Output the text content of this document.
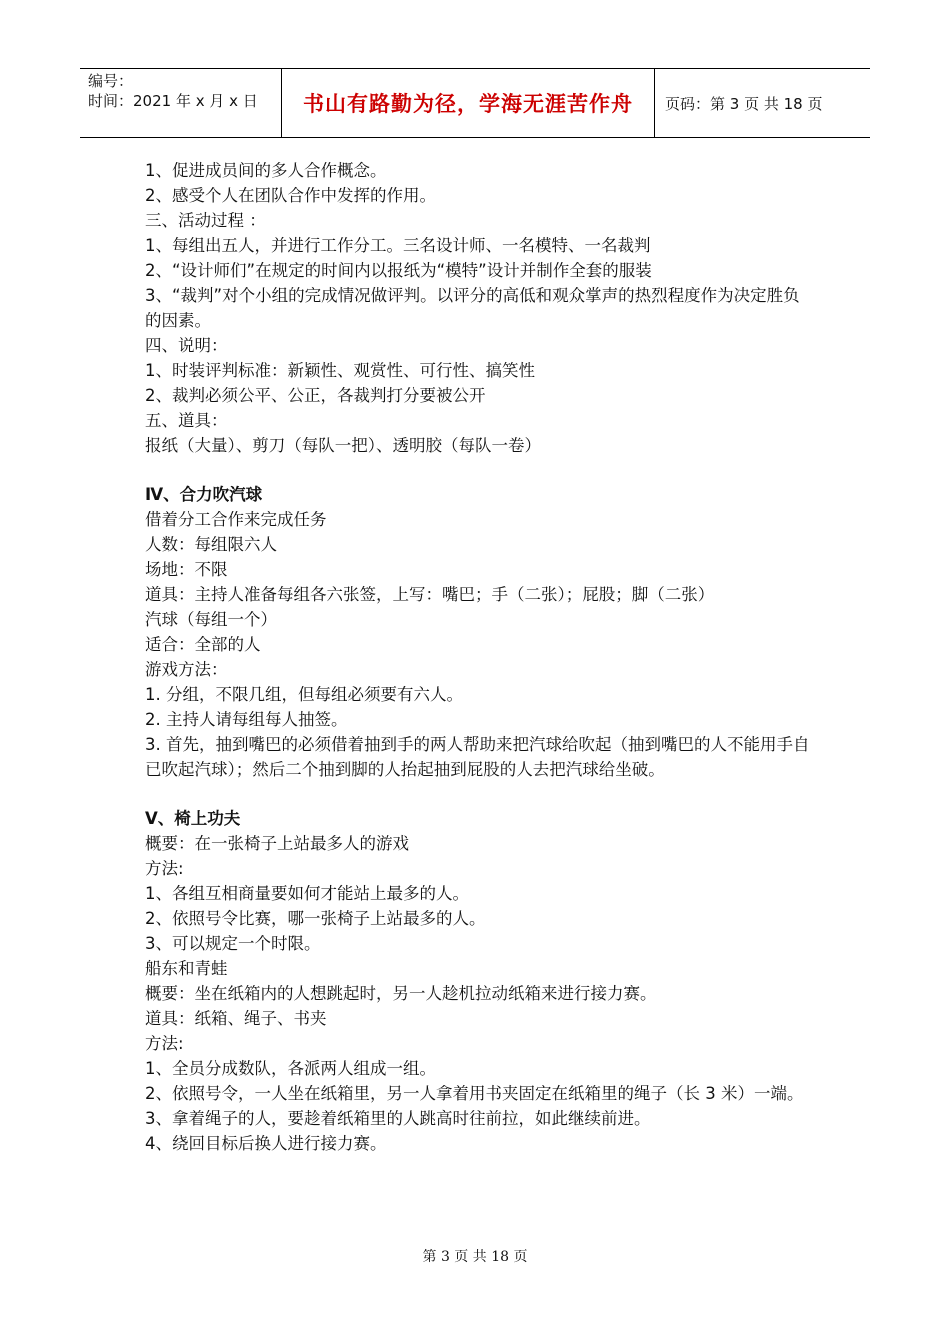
编号：
时间：2021 年 x 月 x 日	书山有路勤为径，学海无涯苦作舟	页码：第 3 页 共 18 页

1、促进成员间的多人合作概念。

2、感受个人在团队合作中发挥的作用。

三、活动过程 ：

1、每组出五人，并进行工作分工。三名设计师、一名模特、一名裁判

2、“设计师们”在规定的时间内以报纸为“模特”设计并制作全套的服装

3、“裁判”对个小组的完成情况做评判。以评分的高低和观众掌声的热烈程度作为决定胜负的因素。

四、说明：

1、时装评判标准：新颖性、观赏性、可行性、搞笑性

2、裁判必须公平、公正，各裁判打分要被公开

五、道具：

报纸（大量）、剪刀（每队一把）、透明胶（每队一卷）

Ⅳ、合力吹汽球

借着分工合作来完成任务

人数：每组限六人

场地：不限

道具：主持人准备每组各六张签，上写：嘴巴；手（二张）；屁股；脚（二张）

汽球（每组一个）

适合：全部的人

游戏方法：

1. 分组，不限几组，但每组必须要有六人。

2. 主持人请每组每人抽签。

3. 首先，抽到嘴巴的必须借着抽到手的两人帮助来把汽球给吹起（抽到嘴巴的人不能用手自已吹起汽球）；然后二个抽到脚的人抬起抽到屁股的人去把汽球给坐破。

Ⅴ、椅上功夫

概要：在一张椅子上站最多人的游戏

方法:

1、各组互相商量要如何才能站上最多的人。

2、依照号令比赛，哪一张椅子上站最多的人。

3、可以规定一个时限。

船东和青蛙

概要：坐在纸箱内的人想跳起时，另一人趁机拉动纸箱来进行接力赛。

道具：纸箱、绳子、书夹

方法:

1、全员分成数队，各派两人组成一组。

2、依照号令，一人坐在纸箱里，另一人拿着用书夹固定在纸箱里的绳子（长 3 米）一端。

3、拿着绳子的人，要趁着纸箱里的人跳高时往前拉，如此继续前进。

4、绕回目标后换人进行接力赛。

第 3 页 共 18 页
